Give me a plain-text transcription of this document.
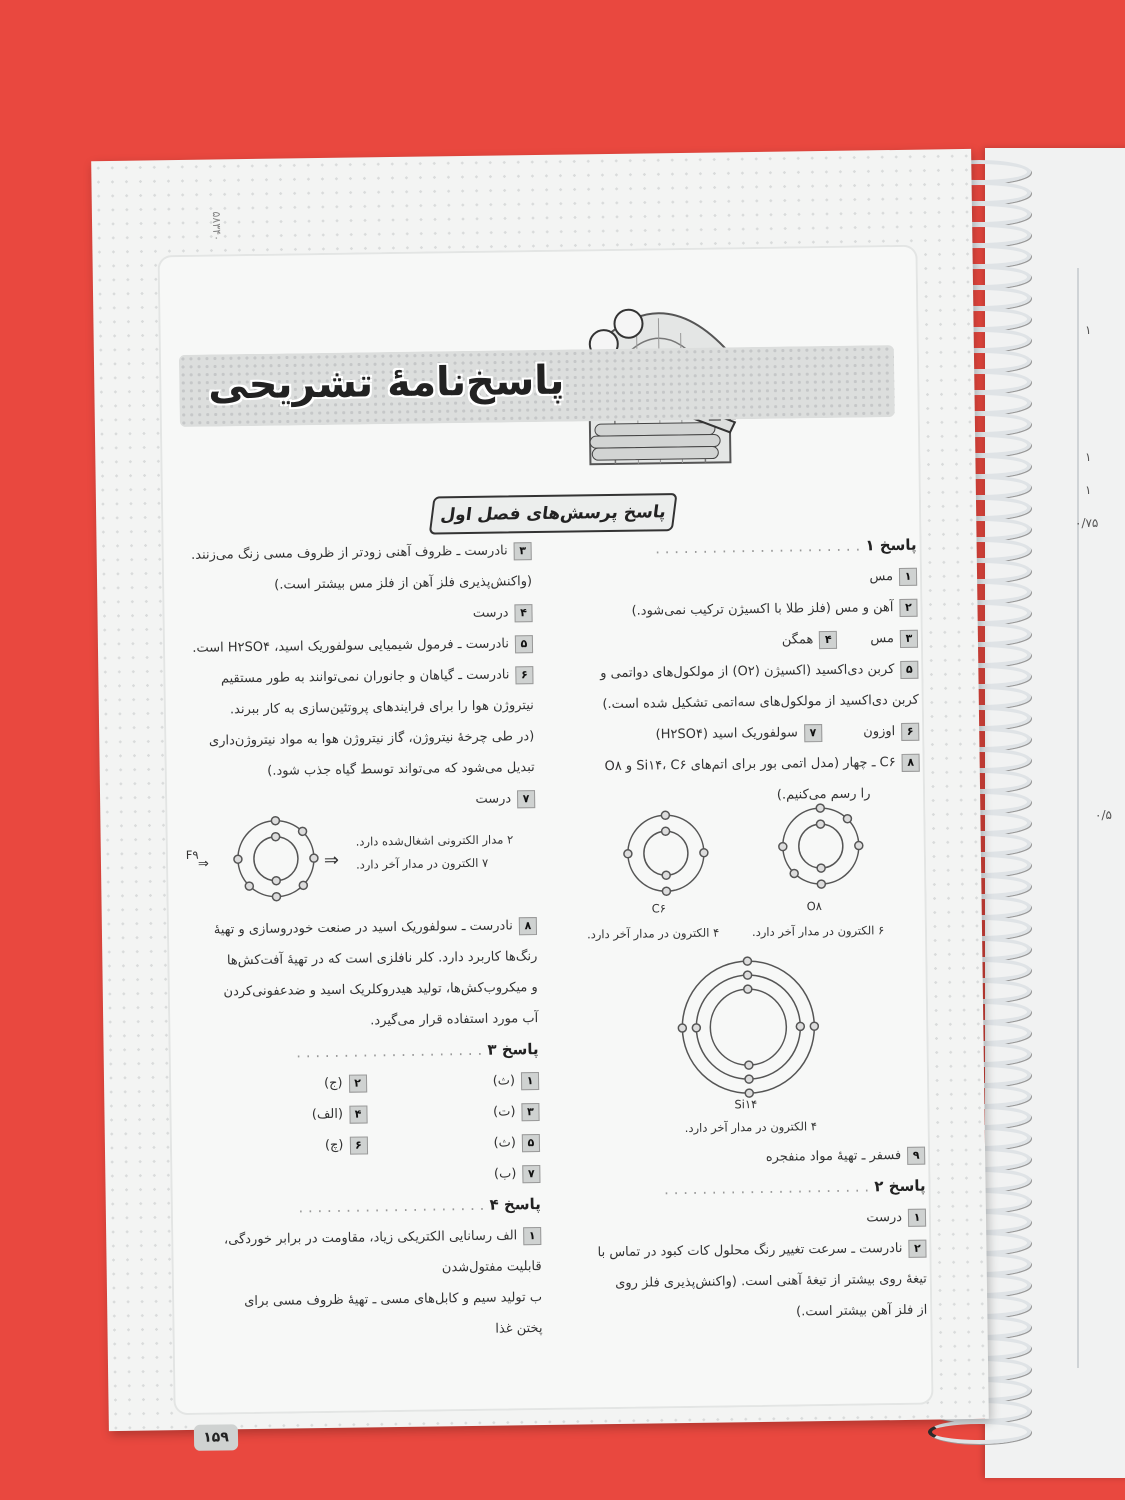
۱
۱
۱
۰/۷۵
۰/۵
۵۸۳۴۰
پاسخ‌نامۀ تشریحی
پاسخ پرسش‌های فصل اول

پاسخ ۱ . . . . . . . . . . . . . . . . . . . . . .

۱مس

۲آهن و مس (فلز طلا با اکسیژن ترکیب نمی‌شود.)

۳مس        ۴همگن

۵کربن دی‌اکسید (اکسیژن (O۲) از مولکول‌های دواتمی و

کربن دی‌اکسید از مولکول‌های سه‌اتمی تشکیل شده است.)

۶اوزون          ۷سولفوریک اسید (H۲SO۴)

۸C۶ ـ چهار (مدل اتمی بور برای اتم‌های Si۱۴، C۶ و O۸

را رسم می‌کنیم.)

O۸
۶ الکترون در مدار آخر دارد.
C۶
۴ الکترون در مدار آخر دارد.
Si۱۴
۴ الکترون در مدار آخر دارد.

۹فسفر ـ تهیهٔ مواد منفجره

پاسخ ۲ . . . . . . . . . . . . . . . . . . . . . .

۱درست

۲نادرست ـ سرعت تغییر رنگ محلول کات کبود در تماس با

تیغهٔ روی بیشتر از تیغهٔ آهنی است. (واکنش‌پذیری فلز روی

از فلز آهن بیشتر است.)

۳نادرست ـ ظروف آهنی زودتر از ظروف مسی زنگ می‌زنند.

(واکنش‌پذیری فلز آهن از فلز مس بیشتر است.)

۴درست

۵نادرست ـ فرمول شیمیایی سولفوریک اسید، H۲SO۴ است.

۶نادرست ـ گیاهان و جانوران نمی‌توانند به طور مستقیم

نیتروژن هوا را برای فرایندهای پروتئین‌سازی به کار ببرند.

(در طی چرخهٔ نیتروژن، گاز نیتروژن هوا به مواد نیتروژن‌داری

تبدیل می‌شود که می‌تواند توسط گیاه جذب شود.)

۷درست

⇒	⇒
F۹
۲ مدار الکترونی اشغال‌شده دارد.
۷ الکترون در مدار آخر دارد.

۸نادرست ـ سولفوریک اسید در صنعت خودروسازی و تهیهٔ

رنگ‌ها کاربرد دارد. کلر نافلزی است که در تهیهٔ آفت‌کش‌ها

و میکروب‌کش‌ها، تولید هیدروکلریک اسید و ضدعفونی‌کردن

آب مورد استفاده قرار می‌گیرد.

پاسخ ۳ . . . . . . . . . . . . . . . . . . . .

۱(ث)
۲(ج)
۳(ت)
۴(الف)
۵(ث)
۶(چ)
۷(ب)

پاسخ ۴ . . . . . . . . . . . . . . . . . . . .

۱الف رسانایی الکتریکی زیاد، مقاومت در برابر خوردگی،

قابلیت مفتول‌شدن

ب تولید سیم و کابل‌های مسی ـ تهیهٔ ظروف مسی برای

پختن غذا

۱۵۹
